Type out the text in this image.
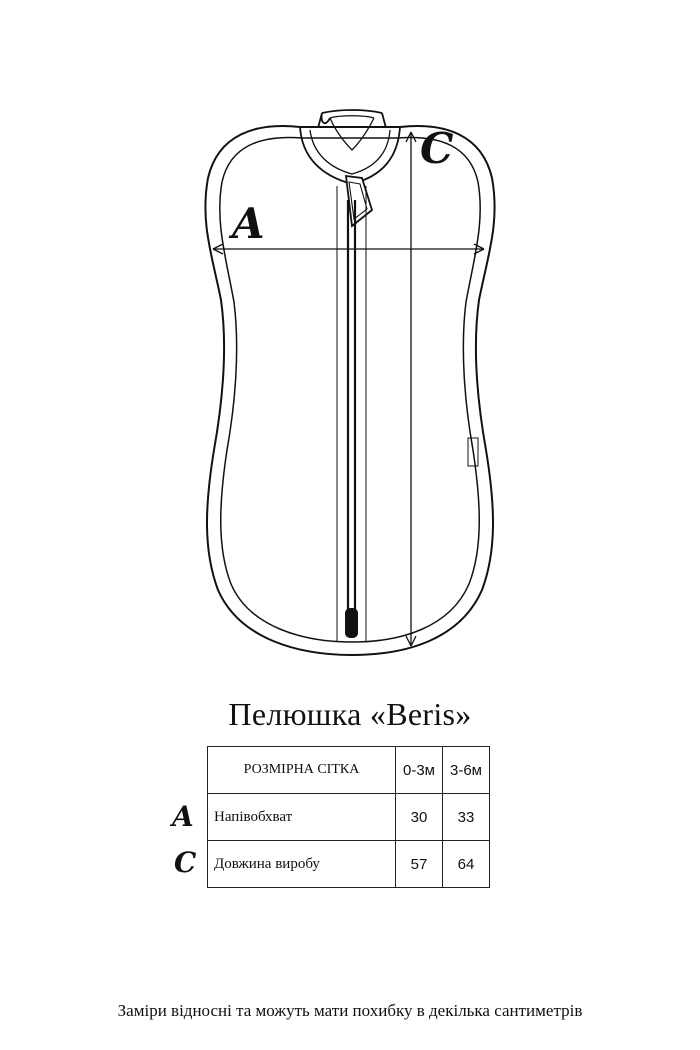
A
C
Пелюшка «Beris»
A
C
РОЗМІРНА СІТКА	0-3м	3-6м
Напівобхват	30	33
Довжина виробу	57	64
Заміри відносні та можуть мати похибку в декілька сантиметрів
